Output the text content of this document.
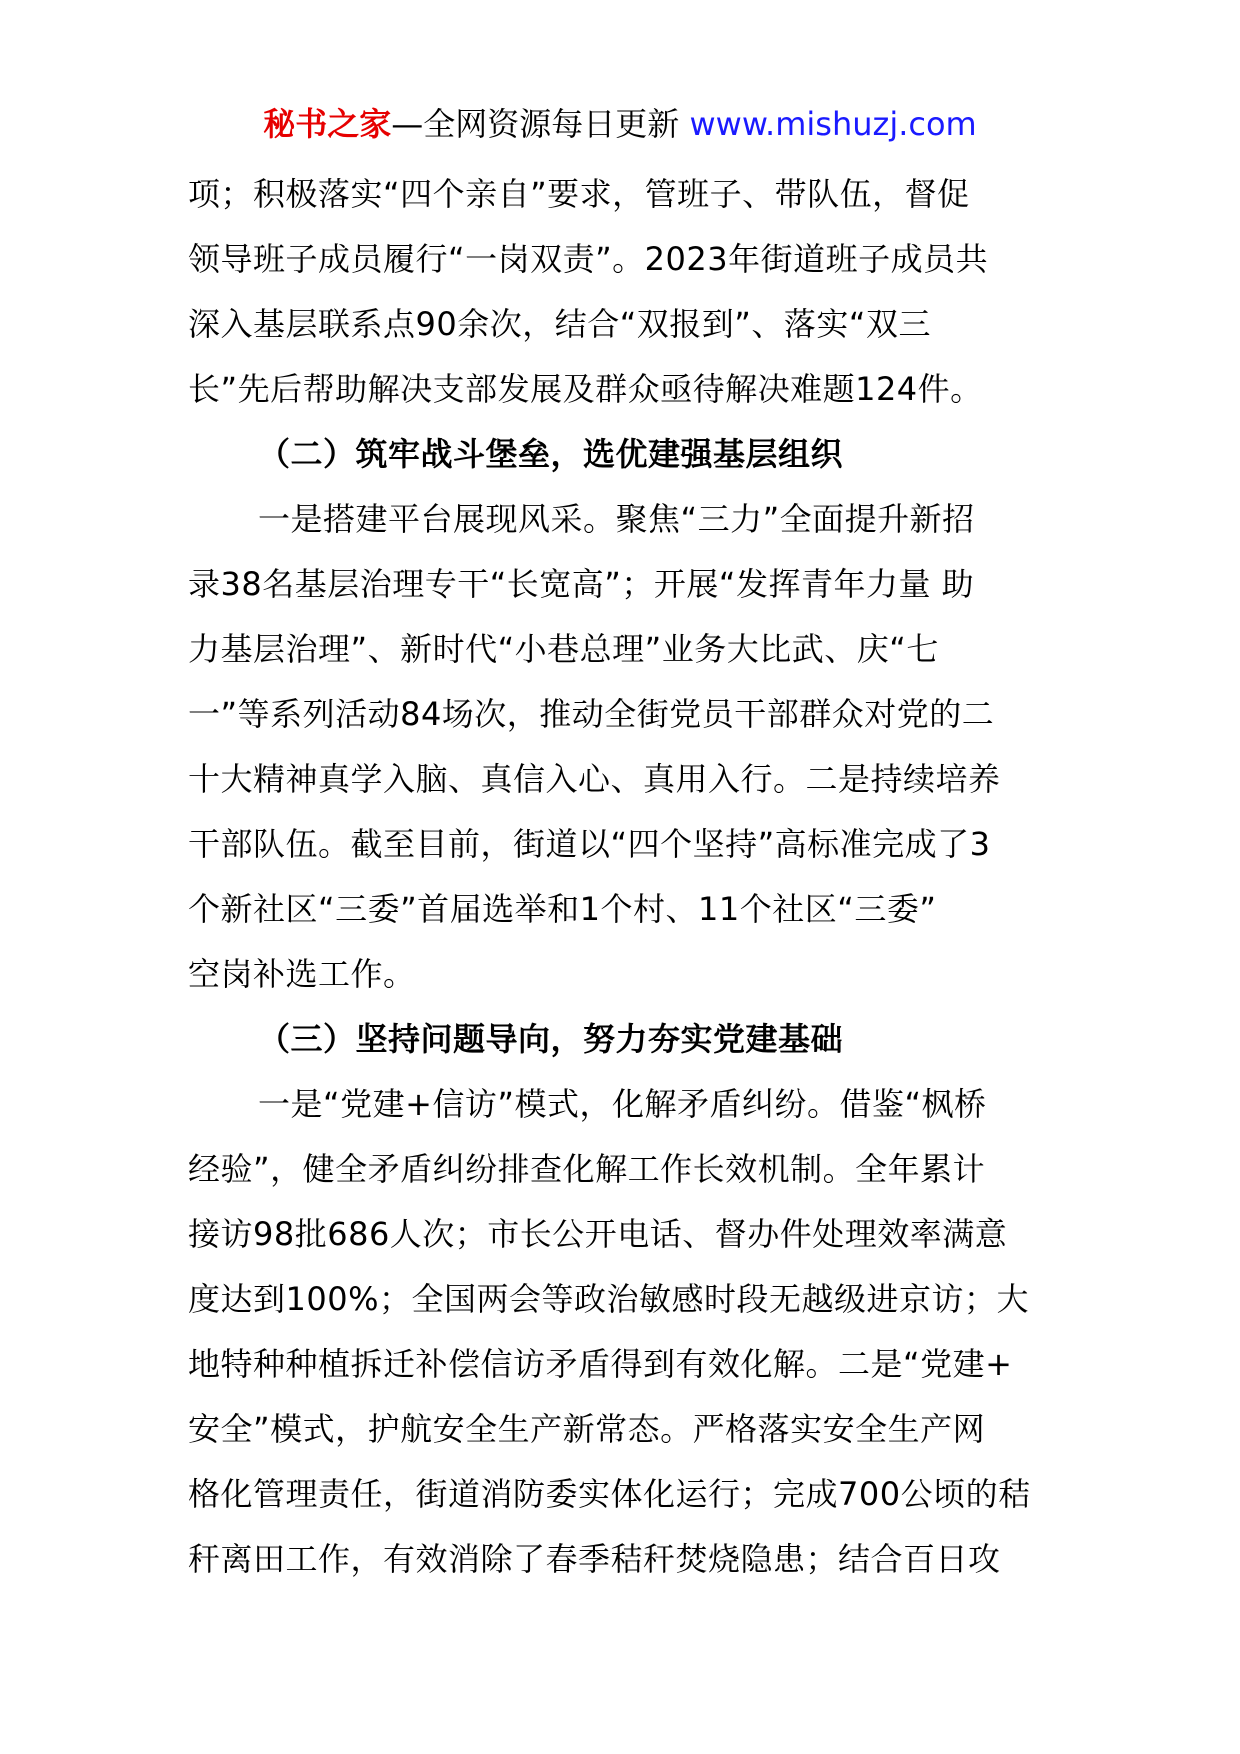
秘书之家—全网资源每日更新 www.mishuzj.com
项；积极落实“四个亲自”要求，管班子、带队伍，督促
领导班子成员履行“一岗双责”。2023年街道班子成员共
深入基层联系点90余次，结合“双报到”、落实“双三
长”先后帮助解决支部发展及群众亟待解决难题124件。
（二）筑牢战斗堡垒，选优建强基层组织
一是搭建平台展现风采。聚焦“三力”全面提升新招
录38名基层治理专干“长宽高”；开展“发挥青年力量 助
力基层治理”、新时代“小巷总理”业务大比武、庆“七
一”等系列活动84场次，推动全街党员干部群众对党的二
十大精神真学入脑、真信入心、真用入行。二是持续培养
干部队伍。截至目前，街道以“四个坚持”高标准完成了3
个新社区“三委”首届选举和1个村、11个社区“三委”
空岗补选工作。
（三）坚持问题导向，努力夯实党建基础
一是“党建+信访”模式，化解矛盾纠纷。借鉴“枫桥
经验”，健全矛盾纠纷排查化解工作长效机制。全年累计
接访98批686人次；市长公开电话、督办件处理效率满意
度达到100%；全国两会等政治敏感时段无越级进京访；大
地特种种植拆迁补偿信访矛盾得到有效化解。二是“党建+
安全”模式，护航安全生产新常态。严格落实安全生产网
格化管理责任，街道消防委实体化运行；完成700公顷的秸
秆离田工作，有效消除了春季秸秆焚烧隐患；结合百日攻
